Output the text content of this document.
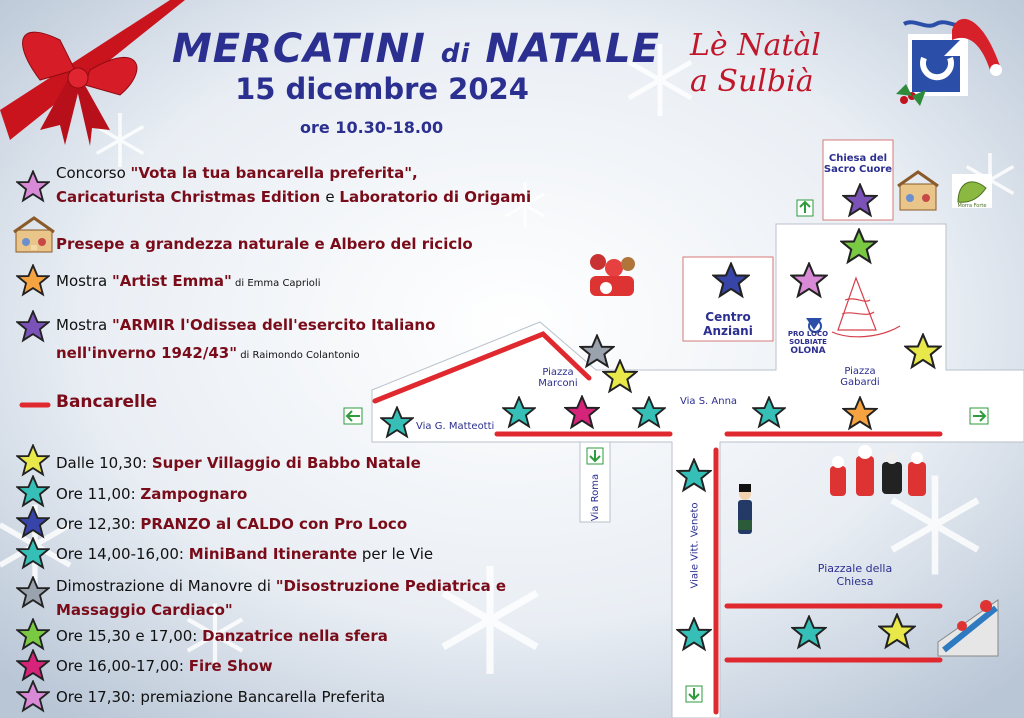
MERCATINI di NATALE
15 dicembre 2024
ore 10.30-18.00
Lè Natàl
a Sulbià
Concorso "Vota la tua bancarella preferita",
Caricaturista Christmas Edition e Laboratorio di Origami
Presepe a grandezza naturale e Albero del riciclo
Mostra "Artist Emma" di Emma Caprioli
Mostra "ARMIR l'Odissea dell'esercito Italiano
nell'inverno 1942/43" di Raimondo Colantonio
Bancarelle
Dalle 10,30: Super Villaggio di Babbo Natale
Ore 11,00: Zampognaro
Ore 12,30: PRANZO al CALDO con Pro Loco
Ore 14,00-16,00: MiniBand Itinerante per le Vie
Dimostrazione di Manovre di "Disostruzione Pediatrica e
Massaggio Cardiaco"
Ore 15,30 e 17,00: Danzatrice nella sfera
Ore 16,00-17,00: Fire Show
Ore 17,30: premiazione Bancarella Preferita
Chiesa del
Sacro Cuore
Centro
Anziani	PRO LOCO
SOLBIATE
OLONA
Piazza
Marconi
Piazza
Gabardi
Via G. Matteotti
Via S. Anna
Via Roma
Viale Vitt. Veneto	Piazzale della
Chiesa
Morra Forte
